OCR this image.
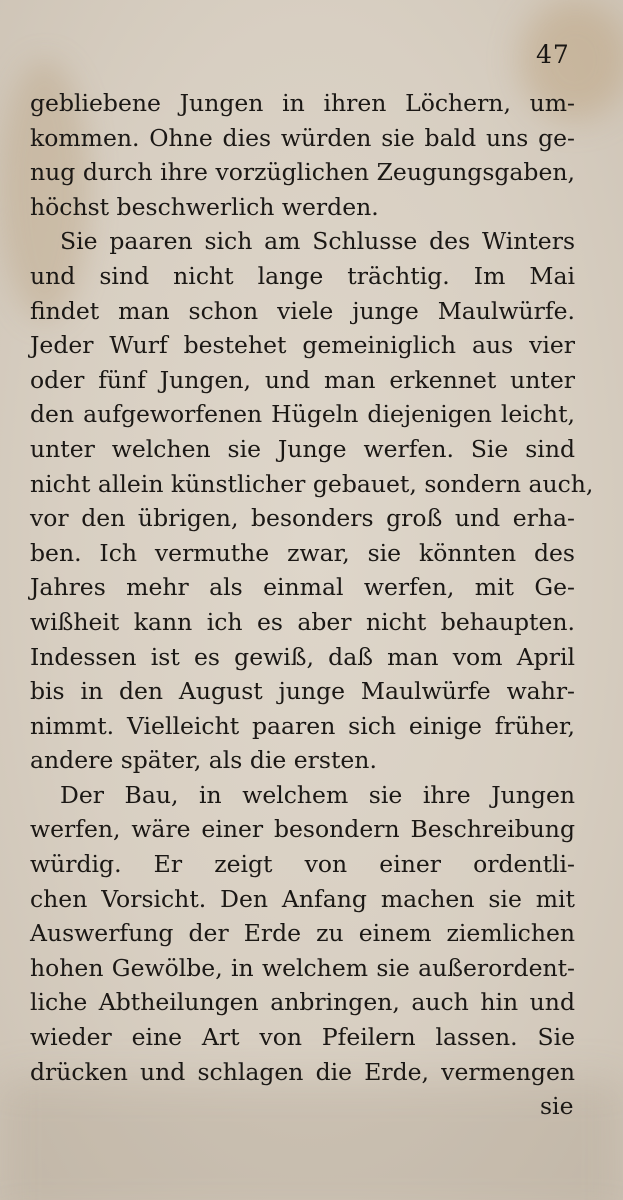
47
gebliebene Jungen in ihren Löchern, um-
kommen. Ohne dies würden sie bald uns ge-
nug durch ihre vorzüglichen Zeugungsgaben,
höchst beschwerlich werden.
Sie paaren sich am Schlusse des Winters
und sind nicht lange trächtig. Im Mai
findet man schon viele junge Maulwürfe.
Jeder Wurf bestehet gemeiniglich aus vier
oder fünf Jungen, und man erkennet unter
den aufgeworfenen Hügeln diejenigen leicht,
unter welchen sie Junge werfen. Sie sind
nicht allein künstlicher gebauet, sondern auch,
vor den übrigen, besonders groß und erha-
ben. Ich vermuthe zwar, sie könnten des
Jahres mehr als einmal werfen, mit Ge-
wißheit kann ich es aber nicht behaupten.
Indessen ist es gewiß, daß man vom April
bis in den August junge Maulwürfe wahr-
nimmt. Vielleicht paaren sich einige früher,
andere später, als die ersten.
Der Bau, in welchem sie ihre Jungen
werfen, wäre einer besondern Beschreibung
würdig. Er zeigt von einer ordentli-
chen Vorsicht. Den Anfang machen sie mit
Auswerfung der Erde zu einem ziemlichen
hohen Gewölbe, in welchem sie außerordent-
liche Abtheilungen anbringen, auch hin und
wieder eine Art von Pfeilern lassen. Sie
drücken und schlagen die Erde, vermengen
sie
